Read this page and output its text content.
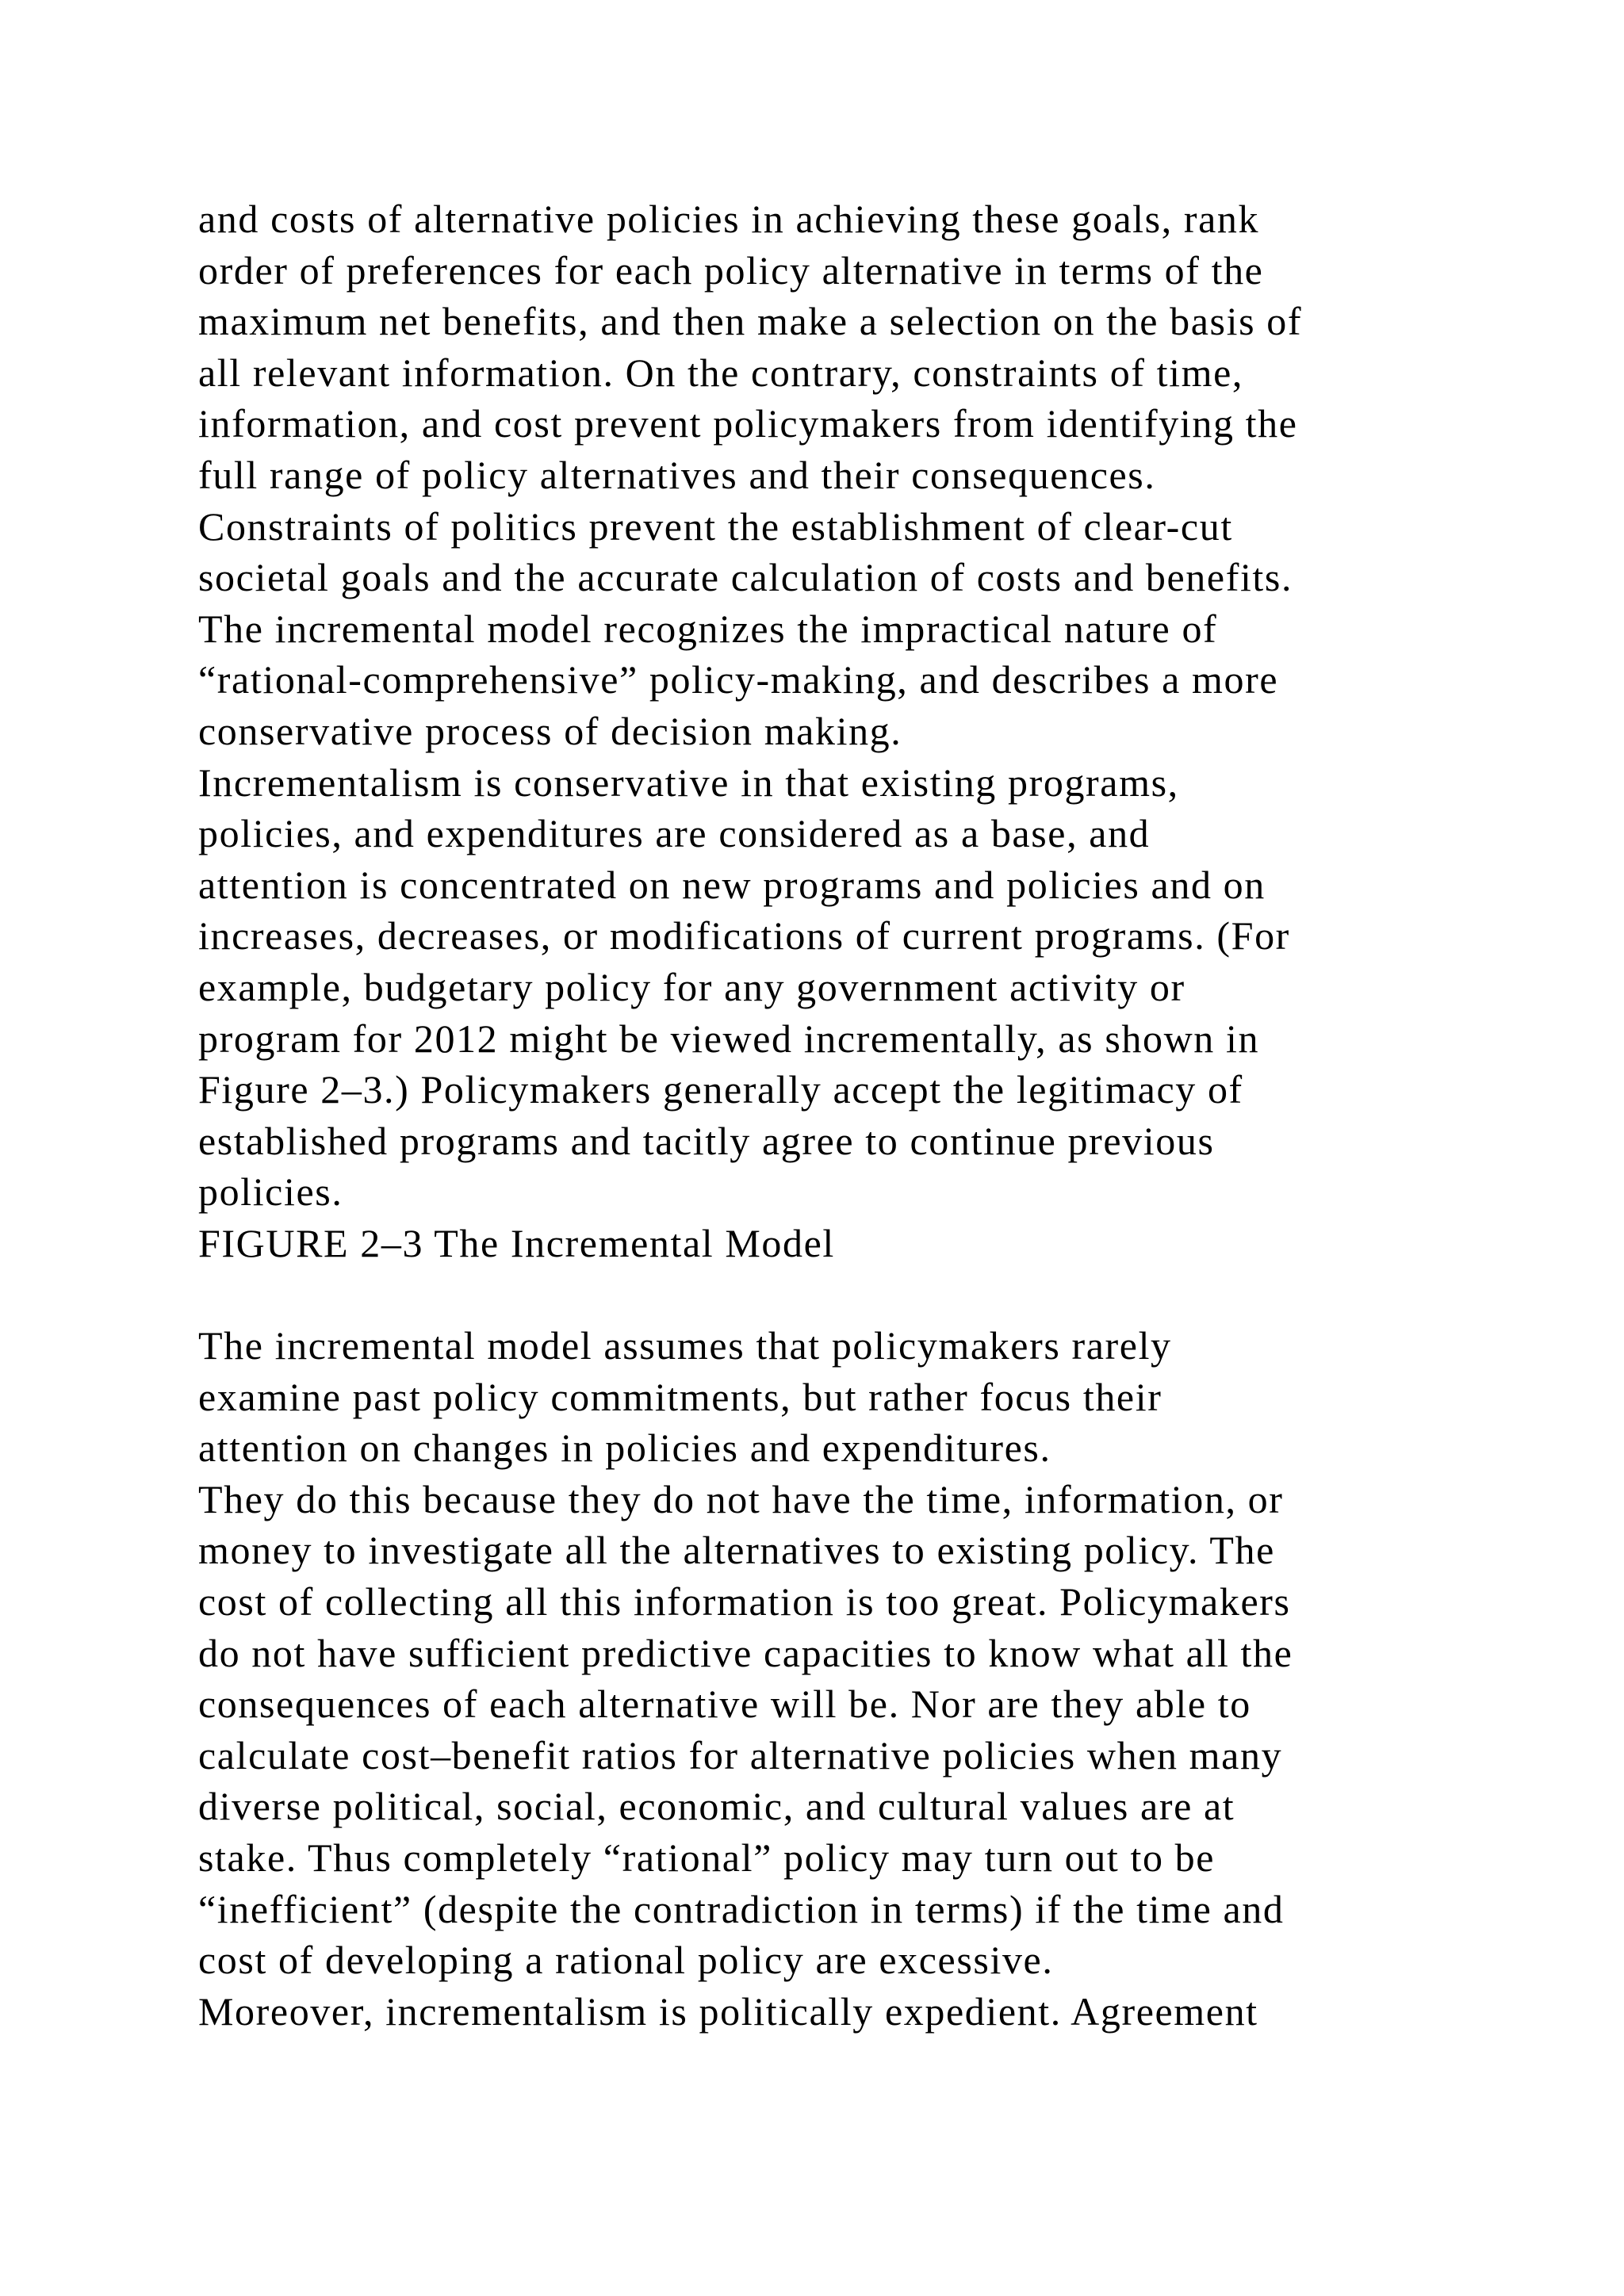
and costs of alternative policies in achieving these goals, rank
order of preferences for each policy alternative in terms of the
maximum net benefits, and then make a selection on the basis of
all relevant information. On the contrary, constraints of time,
information, and cost prevent policymakers from identifying the
full range of policy alternatives and their consequences.
Constraints of politics prevent the establishment of clear-cut
societal goals and the accurate calculation of costs and benefits.
The incremental model recognizes the impractical nature of
“rational-comprehensive” policy-making, and describes a more
conservative process of decision making.
Incrementalism is conservative in that existing programs,
policies, and expenditures are considered as a base, and
attention is concentrated on new programs and policies and on
increases, decreases, or modifications of current programs. (For
example, budgetary policy for any government activity or
program for 2012 might be viewed incrementally, as shown in
Figure 2–3.) Policymakers generally accept the legitimacy of
established programs and tacitly agree to continue previous
policies.
FIGURE 2–3 The Incremental Model
The incremental model assumes that policymakers rarely
examine past policy commitments, but rather focus their
attention on changes in policies and expenditures.
They do this because they do not have the time, information, or
money to investigate all the alternatives to existing policy. The
cost of collecting all this information is too great. Policymakers
do not have sufficient predictive capacities to know what all the
consequences of each alternative will be. Nor are they able to
calculate cost–benefit ratios for alternative policies when many
diverse political, social, economic, and cultural values are at
stake. Thus completely “rational” policy may turn out to be
“inefficient” (despite the contradiction in terms) if the time and
cost of developing a rational policy are excessive.
Moreover, incrementalism is politically expedient. Agreement
